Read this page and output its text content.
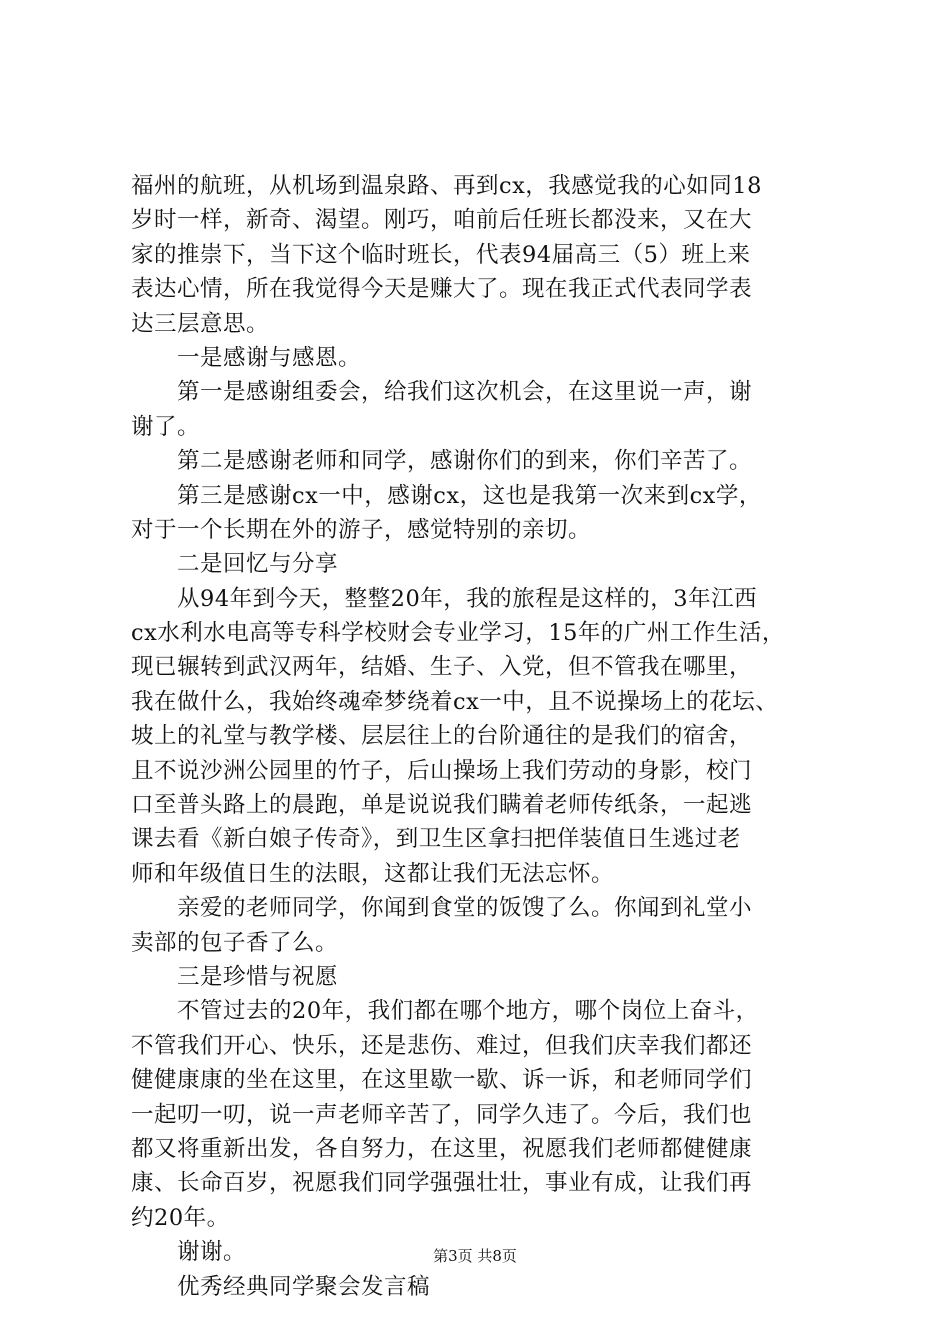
福州的航班，从机场到温泉路、再到cx，我感觉我的心如同18
岁时一样，新奇、渴望。刚巧，咱前后任班长都没来，又在大
家的推崇下，当下这个临时班长，代表94届高三（5）班上来
表达心情，所在我觉得今天是赚大了。现在我正式代表同学表
达三层意思。
一是感谢与感恩。
第一是感谢组委会，给我们这次机会，在这里说一声，谢
谢了。
第二是感谢老师和同学，感谢你们的到来，你们辛苦了。
第三是感谢cx一中，感谢cx，这也是我第一次来到cx学，
对于一个长期在外的游子，感觉特别的亲切。
二是回忆与分享
从94年到今天，整整20年，我的旅程是这样的，3年江西
cx水利水电高等专科学校财会专业学习，15年的广州工作生活，
现已辗转到武汉两年，结婚、生子、入党，但不管我在哪里，
我在做什么，我始终魂牵梦绕着cx一中，且不说操场上的花坛、
坡上的礼堂与教学楼、层层往上的台阶通往的是我们的宿舍，
且不说沙洲公园里的竹子，后山操场上我们劳动的身影，校门
口至普头路上的晨跑，单是说说我们瞒着老师传纸条，一起逃
课去看《新白娘子传奇》，到卫生区拿扫把佯装值日生逃过老
师和年级值日生的法眼，这都让我们无法忘怀。
亲爱的老师同学，你闻到食堂的饭馊了么。你闻到礼堂小
卖部的包子香了么。
三是珍惜与祝愿
不管过去的20年，我们都在哪个地方，哪个岗位上奋斗，
不管我们开心、快乐，还是悲伤、难过，但我们庆幸我们都还
健健康康的坐在这里，在这里歇一歇、诉一诉，和老师同学们
一起叨一叨，说一声老师辛苦了，同学久违了。今后，我们也
都又将重新出发，各自努力，在这里，祝愿我们老师都健健康
康、长命百岁，祝愿我们同学强强壮壮，事业有成，让我们再
约20年。
谢谢。
优秀经典同学聚会发言稿
第3页 共8页
